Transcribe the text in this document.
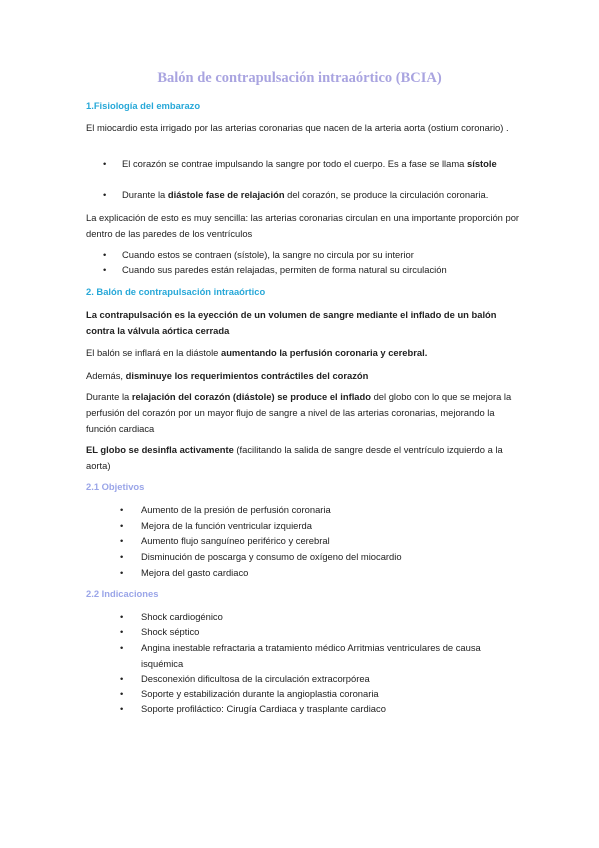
Balón de contrapulsación intraaórtico (BCIA)
1.Fisiología del embarazo
El miocardio esta irrigado por las arterias coronarias que nacen de la arteria aorta (ostium coronario) .
• El corazón se contrae impulsando la sangre por todo el cuerpo. Es a fase se llama sístole
• Durante la diástole fase de relajación del corazón, se produce la circulación coronaria.
La explicación de esto es muy sencilla: las arterias coronarias circulan en una importante proporción por dentro de las paredes de los ventrículos
• Cuando estos se contraen (sístole), la sangre no circula por su interior
• Cuando sus paredes están relajadas, permiten de forma natural su circulación
2. Balón de contrapulsación intraaórtico
La contrapulsación es la eyección de un volumen de sangre mediante el inflado de un balón contra la válvula aórtica cerrada
El balón se inflará en la diástole aumentando la perfusión coronaria y cerebral.
Además, disminuye los requerimientos contráctiles del corazón
Durante la relajación del corazón (diástole) se produce el inflado del globo con lo que se mejora la perfusión del corazón por un mayor flujo de sangre a nivel de las arterias coronarias, mejorando la función cardiaca
EL globo se desinfla activamente (facilitando la salida de sangre desde el ventrículo izquierdo a la aorta)
2.1 Objetivos
• Aumento de la presión de perfusión coronaria
• Mejora de la función ventricular izquierda
• Aumento flujo sanguíneo periférico y cerebral
• Disminución de poscarga y consumo de oxígeno del miocardio
• Mejora del gasto cardiaco
2.2 Indicaciones
• Shock cardiogénico
• Shock séptico
• Angina inestable refractaria a tratamiento médico Arritmias ventriculares de causa isquémica
• Desconexión dificultosa de la circulación extracorpórea
• Soporte y estabilización durante la angioplastia coronaria
• Soporte profiláctico: Cirugía Cardiaca y trasplante cardiaco
